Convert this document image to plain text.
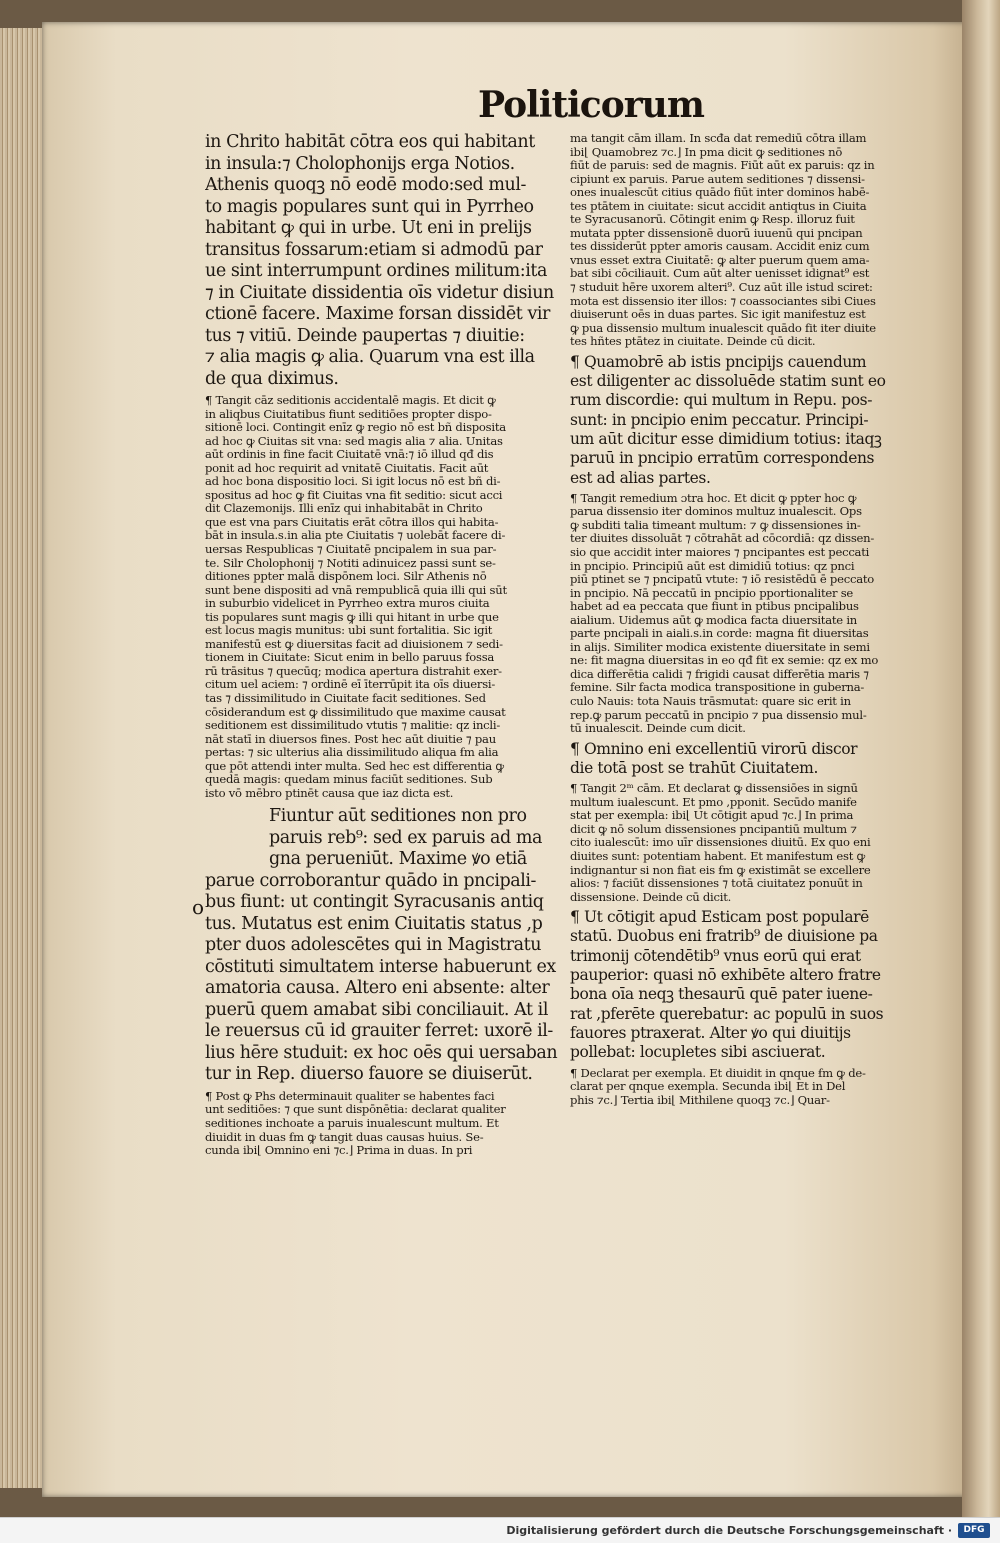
Politicorum
o
in Chrito habitāt cōtra eos qui habitant
in insula:⁊ Cholophonijs erga Notios.
Athenis quoqꝫ nō eodē modo:sed mul-
to magis populares sunt qui in Pyrrheo
habitant ꝙ qui in urbe. Ut eni in prelijs
transitus fossarum:etiam si admodū par
ue sint interrumpunt ordines militum:ita
⁊ in Ciuitate dissidentia oīs videtur disiun
ctionē facere. Maxime forsan dissidēt vir
tus ⁊ vitiū. Deinde paupertas ⁊ diuitie:
⁊ alia magis ꝙ alia. Quarum vna est illa
de qua diximus.
¶ Tangit cāz seditionis accidentalē magis. Et dicit ꝙ
in aliqbus Ciuitatibus fiunt seditiōes propter dispo-
sitionē loci. Contingit enīz ꝙ regio nō est bñ disposita
ad hoc ꝙ Ciuitas sit vna: sed magis alia ⁊ alia. Unitas
aūt ordinis in fine facit Ciuitatē vnā:⁊ iō illud qđ dis
ponit ad hoc requirit ad vnitatē Ciuitatis. Facit aūt
ad hoc bona dispositio loci. Si igit locus nō est bñ di-
spositus ad hoc ꝙ fit Ciuitas vna fit seditio: sicut acci
dit Clazemonijs. Illi enīz qui inhabitabāt in Chrito
que est vna pars Ciuitatis erāt cōtra illos qui habita-
bāt in insula.s.in alia pte Ciuitatis ⁊ uolebāt facere di-
uersas Respublicas ⁊ Ciuitatē pncipalem in sua par-
te. Silr Cholophonij ⁊ Notiti adinuicez passi sunt se-
ditiones ppter malā dispōnem loci. Silr Athenis nō
sunt bene dispositi ad vnā rempublicā quia illi qui sūt
in suburbio videlicet in Pyrrheo extra muros ciuita
tis populares sunt magis ꝙ illi qui hitant in urbe que
est locus magis munitus: ubi sunt fortalitia. Sic igit
manifestū est ꝙ diuersitas facit ad diuisionem ⁊ sedi-
tionem in Ciuitate: Sicut enim in bello paruus fossa
rū trāsitus ⁊ quecūq; modica apertura distrahit exer-
citum uel aciem: ⁊ ordinē eī īterrūpit ita oīs diuersi-
tas ⁊ dissimilitudo in Ciuitate facit seditiones. Sed
cōsiderandum est ꝙ dissimilitudo que maxime causat
seditionem est dissimilitudo vtutis ⁊ malitie: qz incli-
nāt statī in diuersos fines. Post hec aūt diuitie ⁊ pau
pertas: ⁊ sic ulterius alia dissimilitudo aliqua ẜm alia
que pōt attendi inter multa. Sed hec est differentia ꝙ
quedā magis: quedam minus faciūt seditiones. Sub
isto vō mēbro ptinēt causa que iaz dicta est.
Fiuntur aūt seditiones non pro
paruis reb⁹: sed ex paruis ad ma
gna perueniūt. Maxime ꝟo etiā
parue corroborantur quādo in pncipali-
bus fiunt: ut contingit Syracusanis antiq
tus. Mutatus est enim Ciuitatis status ,p
pter duos adolescētes qui in Magistratu
cōstituti simultatem interse habuerunt ex
amatoria causa. Altero eni absente: alter
puerū quem amabat sibi conciliauit. At il
le reuersus cū id grauiter ferret: uxorē il-
lius hēre studuit: ex hoc oēs qui uersaban
tur in Rep. diuerso fauore se diuiserūt.
¶ Post ꝙ Phs determinauit qualiter se habentes faci
unt seditiōes: ⁊ que sunt dispōnētia: declarat qualiter
seditiones inchoate a paruis inualescunt multum. Et
diuidit in duas ẜm ꝙ tangit duas causas huius. Se-
cunda ibi⌊ Omnino eni ⁊c.⌋ Prima in duas. In pri
ma tangit cām illam. In scđa dat remediū cōtra illam
ibi⌊ Quamobrez ⁊c.⌋ In pma dicit ꝙ seditiones nō
fiūt de paruis: sed de magnis. Fiūt aūt ex paruis: qz in
cipiunt ex paruis. Parue autem seditiones ⁊ dissensi-
ones inualescūt citius quādo fiūt inter dominos habē-
tes ptātem in ciuitate: sicut accidit antiqtus in Ciuita
te Syracusanorū. Cōtingit enim ꝙ Resp. illoruz fuit
mutata ppter dissensionē duorū iuuenū qui pncipan
tes dissiderūt ppter amoris causam. Accidit eniz cum
vnus esset extra Ciuitatē: ꝙ alter puerum quem ama-
bat sibi cōciliauit. Cum aūt alter uenisset idignat⁹ est
⁊ studuit hēre uxorem alteri⁹. Cuz aūt ille istud sciret:
mota est dissensio iter illos: ⁊ coassociantes sibi Ciues
diuiserunt oēs in duas partes. Sic igit manifestuz est
ꝙ pua dissensio multum inualescit quādo fit iter diuite
tes hñtes ptātez in ciuitate. Deinde cū dicit.
¶ Quamobrē ab istis pncipijs cauendum
est diligenter ac dissoluēde statim sunt eo
rum discordie: qui multum in Repu. pos-
sunt: in pncipio enim peccatur. Principi-
um aūt dicitur esse dimidium totius: itaqꝫ
paruū in pncipio erratūm correspondens
est ad alias partes.
¶ Tangit remedium ɔtra hoc. Et dicit ꝙ ppter hoc ꝙ
parua dissensio iter dominos multuz inualescit. Ops
ꝙ subditi talia timeant multum: ⁊ ꝙ dissensiones in-
ter diuites dissoluāt ⁊ cōtrahāt ad cōcordiā: qz dissen-
sio que accidit inter maiores ⁊ pncipantes est peccati
in pncipio. Principiū aūt est dimidiū totius: qz pnci
piū ptinet se ⁊ pncipatū vtute: ⁊ iō resistēdū ē peccato
in pncipio. Nā peccatū in pncipio pportionaliter se
habet ad ea peccata que fiunt in ptibus pncipalibus
aialium. Uidemus aūt ꝙ modica facta diuersitate in
parte pncipali in aiali.s.in corde: magna fit diuersitas
in alijs. Similiter modica existente diuersitate in semi
ne: fit magna diuersitas in eo qđ fit ex semie: qz ex mo
dica differētia calidi ⁊ frigidi causat differētia maris ⁊
femine. Silr facta modica transpositione in guberna-
culo Nauis: tota Nauis trāsmutat: quare sic erit in
rep.ꝙ parum peccatū in pncipio ⁊ pua dissensio mul-
tū inualescit. Deinde cum dicit.
¶ Omnino eni excellentiū virorū discor
die totā post se trahūt Ciuitatem.
¶ Tangit 2ᵐ cām. Et declarat ꝙ dissensiōes in signū
multum iualescunt. Et pmo ,pponit. Secūdo manife
stat per exempla: ibi⌊ Ut cōtigit apud ⁊c.⌋ In prima
dicit ꝙ nō solum dissensiones pncipantiū multum ⁊
cito iualescūt: imo uīr dissensiones diuitū. Ex quo eni
diuites sunt: potentiam habent. Et manifestum est ꝙ
indignantur si non fiat eis ẜm ꝙ existimāt se excellere
alios: ⁊ faciūt dissensiones ⁊ totā ciuitatez ponuūt in
dissensione. Deinde cū dicit.
¶ Ut cōtigit apud Esticam post popularē
statū. Duobus eni fratrib⁹ de diuisione pa
trimonij cōtendētib⁹ vnus eorū qui erat
pauperior: quasi nō exhibēte altero fratre
bona oīa neqꝫ thesaurū quē pater iuene-
rat ,pferēte querebatur: ac populū in suos
fauores ptraxerat. Alter ꝟo qui diuitijs
pollebat: locupletes sibi asciuerat.
¶ Declarat per exempla. Et diuidit in qnque ẜm ꝙ de-
clarat per qnque exempla. Secunda ibi⌊ Et in Del
phis ⁊c.⌋ Tertia ibi⌊ Mithilene quoqꝫ ⁊c.⌋ Quar-
Digitalisierung gefördert durch die Deutsche Forschungsgemeinschaft ·	DFG
